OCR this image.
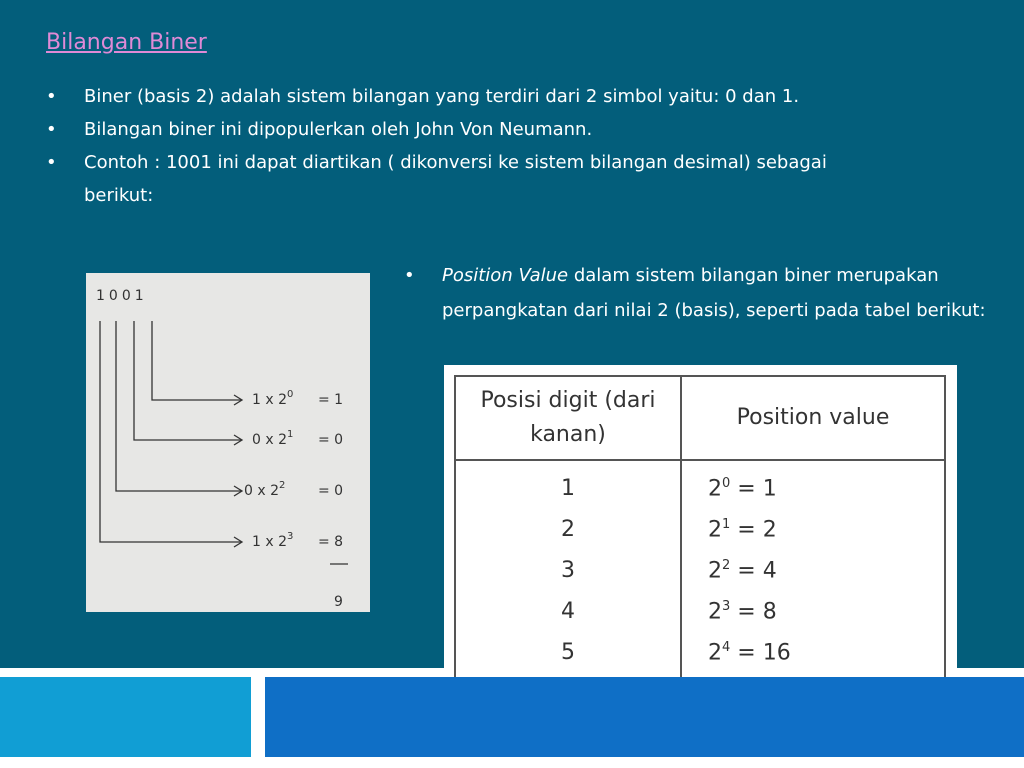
Bilangan Biner
• Biner (basis 2) adalah sistem bilangan yang terdiri dari 2 simbol yaitu: 0 dan 1.
• Bilangan biner ini dipopulerkan oleh John Von Neumann.
• Contoh : 1001 ini dapat diartikan ( dikonversi ke sistem bilangan desimal) sebagai berikut:

• Position Value dalam sistem bilangan biner merupakan perpangkatan dari nilai 2 (basis), seperti pada tabel berikut:

1001
1 x $2^0 = 1$
0 x $2^1 = 0$
0 x $2^2 = 0$
1 x $2^3 = 8$
9
Posisi digit (dari kanan)	Position value
1	$2^0 = 1$
2	$2^1 = 2$
3	$2^2 = 4$
4	$2^3 = 8$
5	$2^4 = 16$
